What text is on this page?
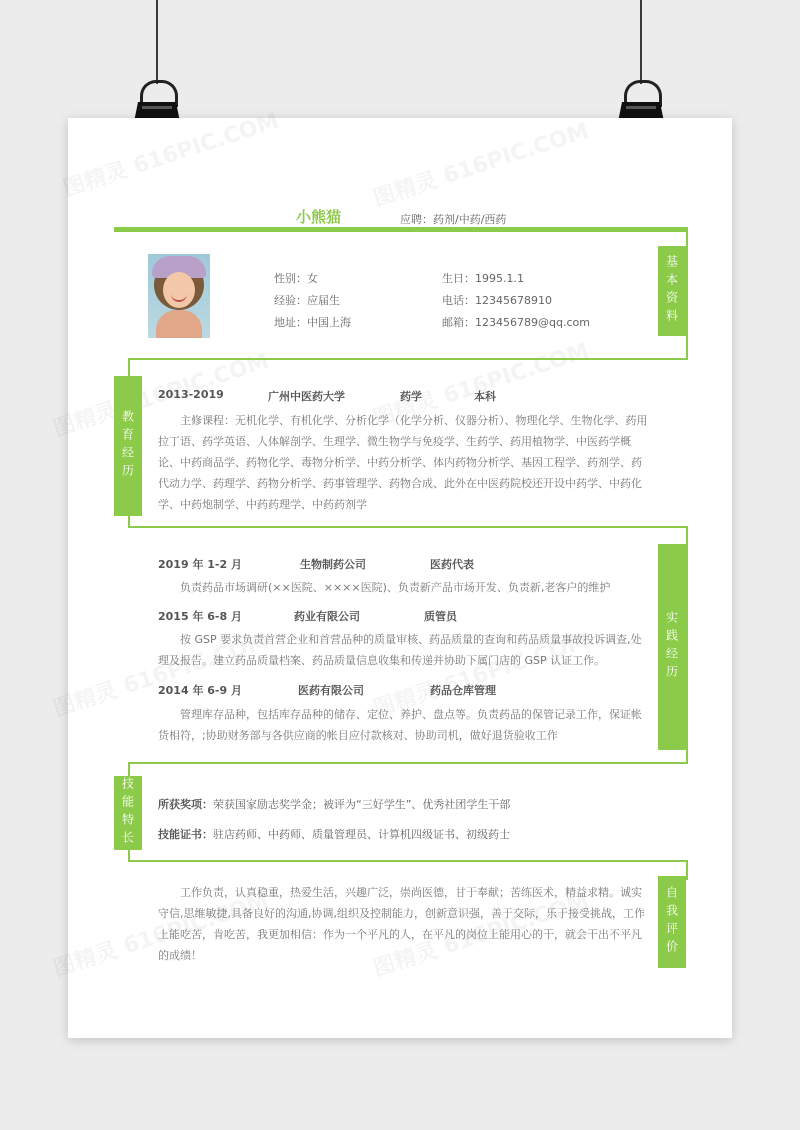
小熊猫	应聘：药剂/中药/西药
基本资料
教育经历
实践经历
技能特长
自我评价
性别：女	生日：1995.1.1
经验：应届生	电话：12345678910
地址：中国上海	邮箱：123456789@qq.com
2013-2019	广州中医药大学	药学	本科
主修课程：无机化学、有机化学、分析化学（化学分析、仪器分析）、物理化学、生物化学、药用拉丁语、药学英语、人体解剖学、生理学、微生物学与免疫学、生药学、药用植物学、中医药学概论、中药商品学、药物化学、毒物分析学、中药分析学、体内药物分析学、基因工程学、药剂学、药代动力学、药理学、药物分析学、药事管理学、药物合成、此外在中医药院校还开设中药学、中药化学、中药炮制学、中药药理学、中药药剂学
2019 年 1-2 月	生物制药公司	医药代表
负责药品市场调研(××医院、××××医院)、负责新产品市场开发、负责新,老客户的维护
2015 年 6-8 月	药业有限公司	质管员
按 GSP 要求负责首营企业和首营品种的质量审核、药品质量的查询和药品质量事故投诉调查,处理及报告。建立药品质量档案、药品质量信息收集和传递并协助下属门店的 GSP 认证工作。
2014 年 6-9 月	医药有限公司	药品仓库管理
管理库存品种，包括库存品种的储存、定位、养护、盘点等。负责药品的保管记录工作，保证帐货相符，;协助财务部与各供应商的帐目应付款核对、协助司机，做好退货验收工作
所获奖项：荣获国家励志奖学金；被评为“三好学生”、优秀社团学生干部
技能证书：驻店药师、中药师、质量管理员、计算机四级证书、初级药士
工作负责，认真稳重，热爱生活，兴趣广泛，崇尚医德，甘于奉献；苦练医术，精益求精。诚实守信,思维敏捷,具备良好的沟通,协调,组织及控制能力，创新意识强，善于交际，乐于接受挑战，工作上能吃苦，肯吃苦，我更加相信：作为一个平凡的人，在平凡的岗位上能用心的干，就会干出不平凡的成绩！
